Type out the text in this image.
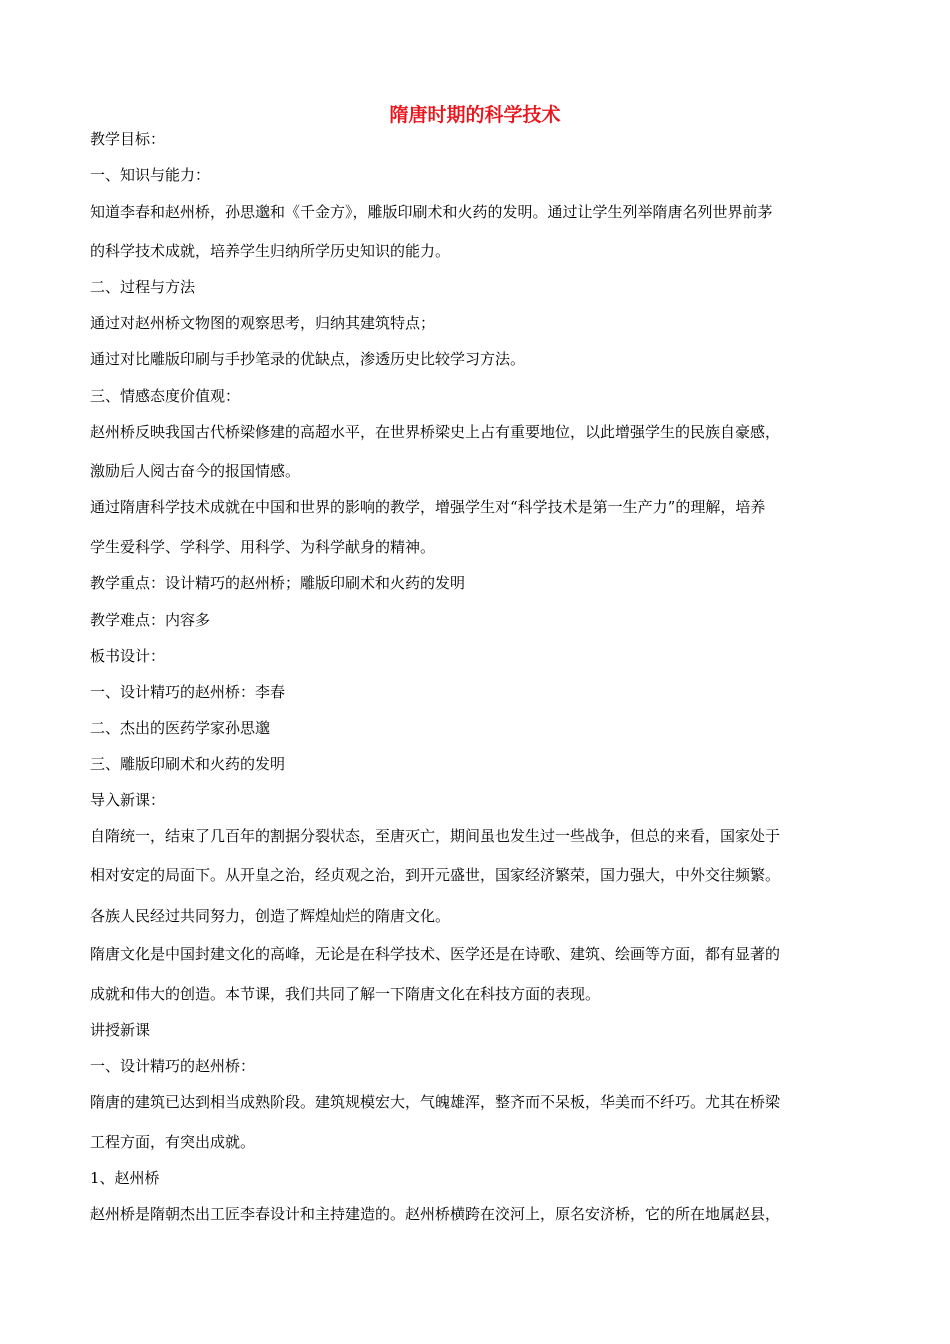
隋唐时期的科学技术
教学目标：
一、知识与能力：
知道李春和赵州桥，孙思邈和《千金方》，雕版印刷术和火药的发明。通过让学生列举隋唐名列世界前茅
的科学技术成就，培养学生归纳所学历史知识的能力。
二、过程与方法
通过对赵州桥文物图的观察思考，归纳其建筑特点；
通过对比雕版印刷与手抄笔录的优缺点，渗透历史比较学习方法。
三、情感态度价值观：
赵州桥反映我国古代桥梁修建的高超水平，在世界桥梁史上占有重要地位，以此增强学生的民族自豪感，
激励后人阅古奋今的报国情感。
通过隋唐科学技术成就在中国和世界的影响的教学，增强学生对“科学技术是第一生产力”的理解，培养
学生爱科学、学科学、用科学、为科学献身的精神。
教学重点：设计精巧的赵州桥；雕版印刷术和火药的发明
教学难点：内容多
板书设计：
一、设计精巧的赵州桥：李春
二、杰出的医药学家孙思邈
三、雕版印刷术和火药的发明
导入新课：
自隋统一，结束了几百年的割据分裂状态，至唐灭亡，期间虽也发生过一些战争，但总的来看，国家处于
相对安定的局面下。从开皇之治，经贞观之治，到开元盛世，国家经济繁荣，国力强大，中外交往频繁。
各族人民经过共同努力，创造了辉煌灿烂的隋唐文化。
隋唐文化是中国封建文化的高峰，无论是在科学技术、医学还是在诗歌、建筑、绘画等方面，都有显著的
成就和伟大的创造。本节课，我们共同了解一下隋唐文化在科技方面的表现。
讲授新课
一、设计精巧的赵州桥：
隋唐的建筑已达到相当成熟阶段。建筑规模宏大，气魄雄浑，整齐而不呆板，华美而不纤巧。尤其在桥梁
工程方面，有突出成就。
1、赵州桥
赵州桥是隋朝杰出工匠李春设计和主持建造的。赵州桥横跨在洨河上，原名安济桥，它的所在地属赵县，
